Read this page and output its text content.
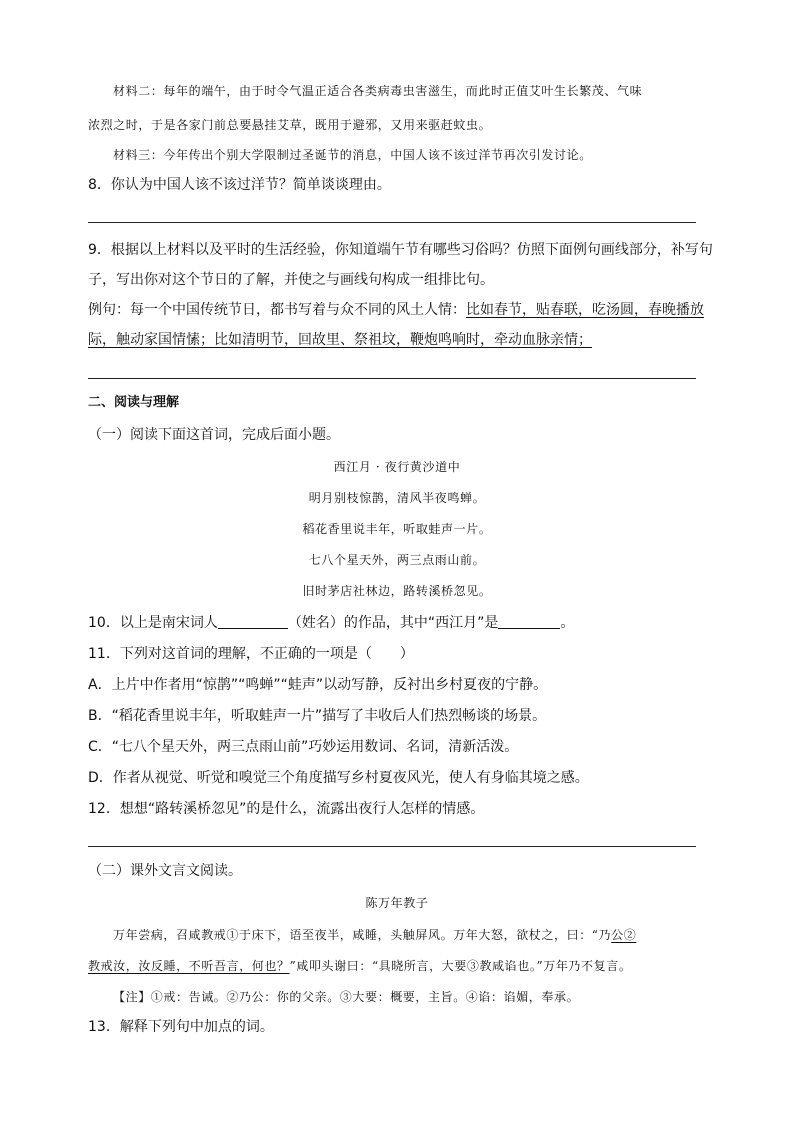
材料二：每年的端午，由于时令气温正适合各类病毒虫害滋生，而此时正值艾叶生长繁茂、气味
浓烈之时，于是各家门前总要悬挂艾草，既用于避邪，又用来驱赶蚊虫。
材料三：今年传出个别大学限制过圣诞节的消息，中国人该不该过洋节再次引发讨论。
8．你认为中国人该不该过洋节？简单谈谈理由。
9．根据以上材料以及平时的生活经验，你知道端午节有哪些习俗吗？仿照下面例句画线部分，补写句
子，写出你对这个节日的了解，并使之与画线句构成一组排比句。
例句：每一个中国传统节日，都书写着与众不同的风土人情：比如春节，贴春联，吃汤圆，春晚播放
际，触动家国情愫；比如清明节，回故里、祭祖坟，鞭炮鸣响时，牵动血脉亲情；
二、阅读与理解
（一）阅读下面这首词，完成后面小题。
西江月 · 夜行黄沙道中
明月别枝惊鹊，清风半夜鸣蝉。
稻花香里说丰年，听取蛙声一片。
七八个星天外，两三点雨山前。
旧时茅店社林边，路转溪桥忽见。
10．以上是南宋词人	（姓名）的作品，其中“西江月”是	。
11．下列对这首词的理解，不正确的一项是（　　）
A．上片中作者用“惊鹊”“鸣蝉”“蛙声”以动写静，反衬出乡村夏夜的宁静。
B．“稻花香里说丰年，听取蛙声一片”描写了丰收后人们热烈畅谈的场景。
C．“七八个星天外，两三点雨山前”巧妙运用数词、名词，清新活泼。
D．作者从视觉、听觉和嗅觉三个角度描写乡村夏夜风光，使人有身临其境之感。
12．想想“路转溪桥忽见”的是什么，流露出夜行人怎样的情感。
（二）课外文言文阅读。
陈万年教子
万年尝病，召咸教戒①于床下，语至夜半，咸睡，头触屏风。万年大怒，欲杖之，曰：“乃公②
教戒汝，汝反睡，不听吾言，何也？”咸叩头谢曰：“具晓所言，大要③教咸谄也。”万年乃不复言。
【注】①戒：告诫。②乃公：你的父亲。③大要：概要，主旨。④谄：谄媚，奉承。
13．解释下列句中加点的词。
